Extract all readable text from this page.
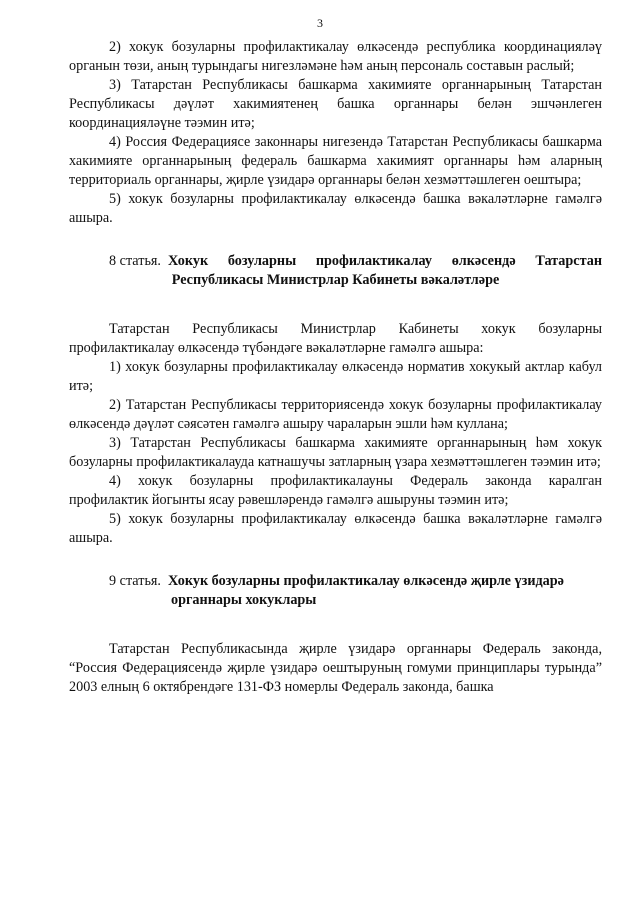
3

2) хокук бозуларны профилактикалау өлкәсендә республика координацияләү органын төзи, аның турындагы нигезләмәне һәм аның персональ составын раслый;

3) Татарстан Республикасы башкарма хакимияте органнарының Татарстан Республикасы дәүләт хакимиятенең башка органнары белән эшчәнлеген координацияләүне тәэмин итә;

4) Россия Федерациясе законнары нигезендә Татарстан Республикасы башкарма хакимияте органнарының федераль башкарма хакимият органнары һәм аларның территориаль органнары, җирле үзидарә органнары белән хезмәттәшлеген оештыра;

5) хокук бозуларны профилактикалау өлкәсендә башка вәкаләтләрне гамәлгә ашыра.

8 статья. Хокук бозуларны профилактикалау өлкәсендә Татарстан
Республикасы Министрлар Кабинеты вәкаләтләре

Татарстан Республикасы Министрлар Кабинеты хокук бозуларны профилактикалау өлкәсендә түбәндәге вәкаләтләрне гамәлгә ашыра:

1) хокук бозуларны профилактикалау өлкәсендә норматив хокукый актлар кабул итә;

2) Татарстан Республикасы территориясендә хокук бозуларны профилактикалау өлкәсендә дәүләт сәясәтен гамәлгә ашыру чараларын эшли һәм куллана;

3) Татарстан Республикасы башкарма хакимияте органнарының һәм хокук бозуларны профилактикалауда катнашучы затларның үзара хезмәттәшлеген тәэмин итә;

4) хокук бозуларны профилактикалауны Федераль законда каралган профилактик йогынты ясау рәвешләрендә гамәлгә ашыруны тәэмин итә;

5) хокук бозуларны профилактикалау өлкәсендә башка вәкаләтләрне гамәлгә ашыра.

9 статья. Хокук бозуларны профилактикалау өлкәсендә җирле үзидарә
органнары хокуклары

Татарстан Республикасында җирле үзидарә органнары Федераль законда, “Россия Федерациясендә җирле үзидарә оештыруның гомуми принциплары турында” 2003 елның 6 октябрендәге 131-ФЗ номерлы Федераль законда, башка
